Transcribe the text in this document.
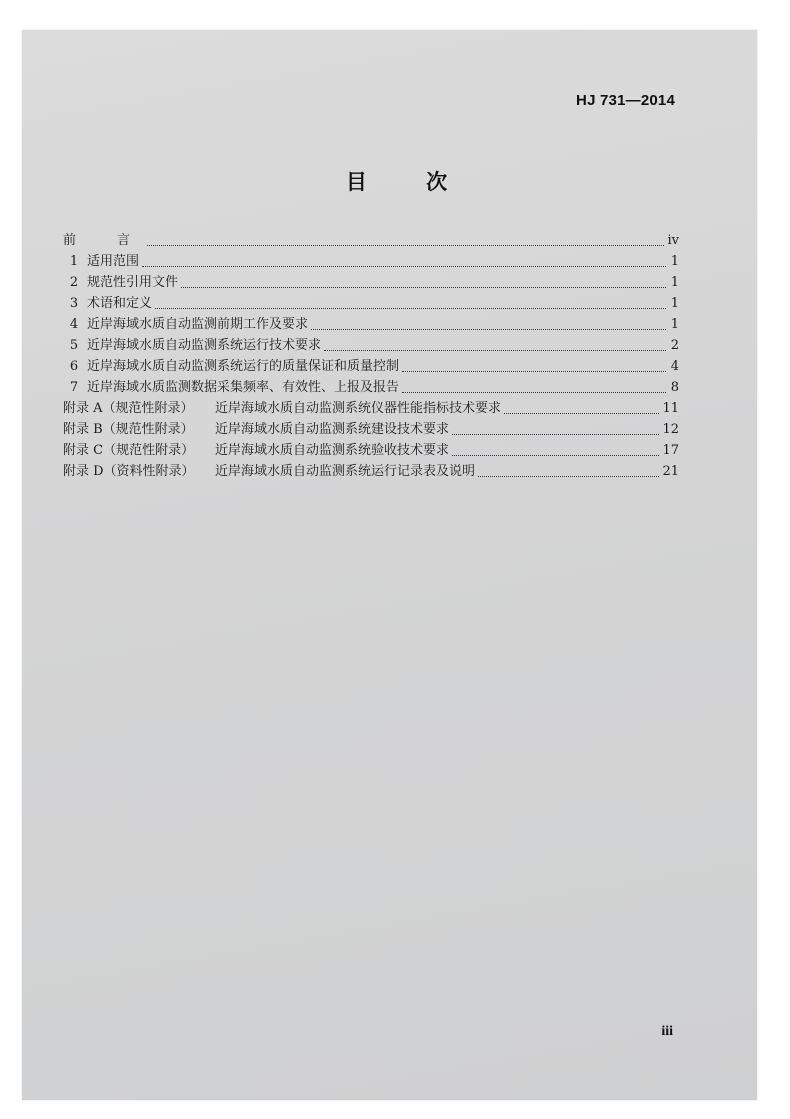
HJ 731—2014
目 次
前　言	iv
1 适用范围	1
2 规范性引用文件	1
3 术语和定义	1
4 近岸海域水质自动监测前期工作及要求	1
5 近岸海域水质自动监测系统运行技术要求	2
6 近岸海域水质自动监测系统运行的质量保证和质量控制	4
7 近岸海域水质监测数据采集频率、有效性、上报及报告	8
附录 A（规范性附录）	近岸海域水质自动监测系统仪器性能指标技术要求	11
附录 B（规范性附录）	近岸海域水质自动监测系统建设技术要求	12
附录 C（规范性附录）	近岸海域水质自动监测系统验收技术要求	17
附录 D（资料性附录）	近岸海域水质自动监测系统运行记录表及说明	21
iii
